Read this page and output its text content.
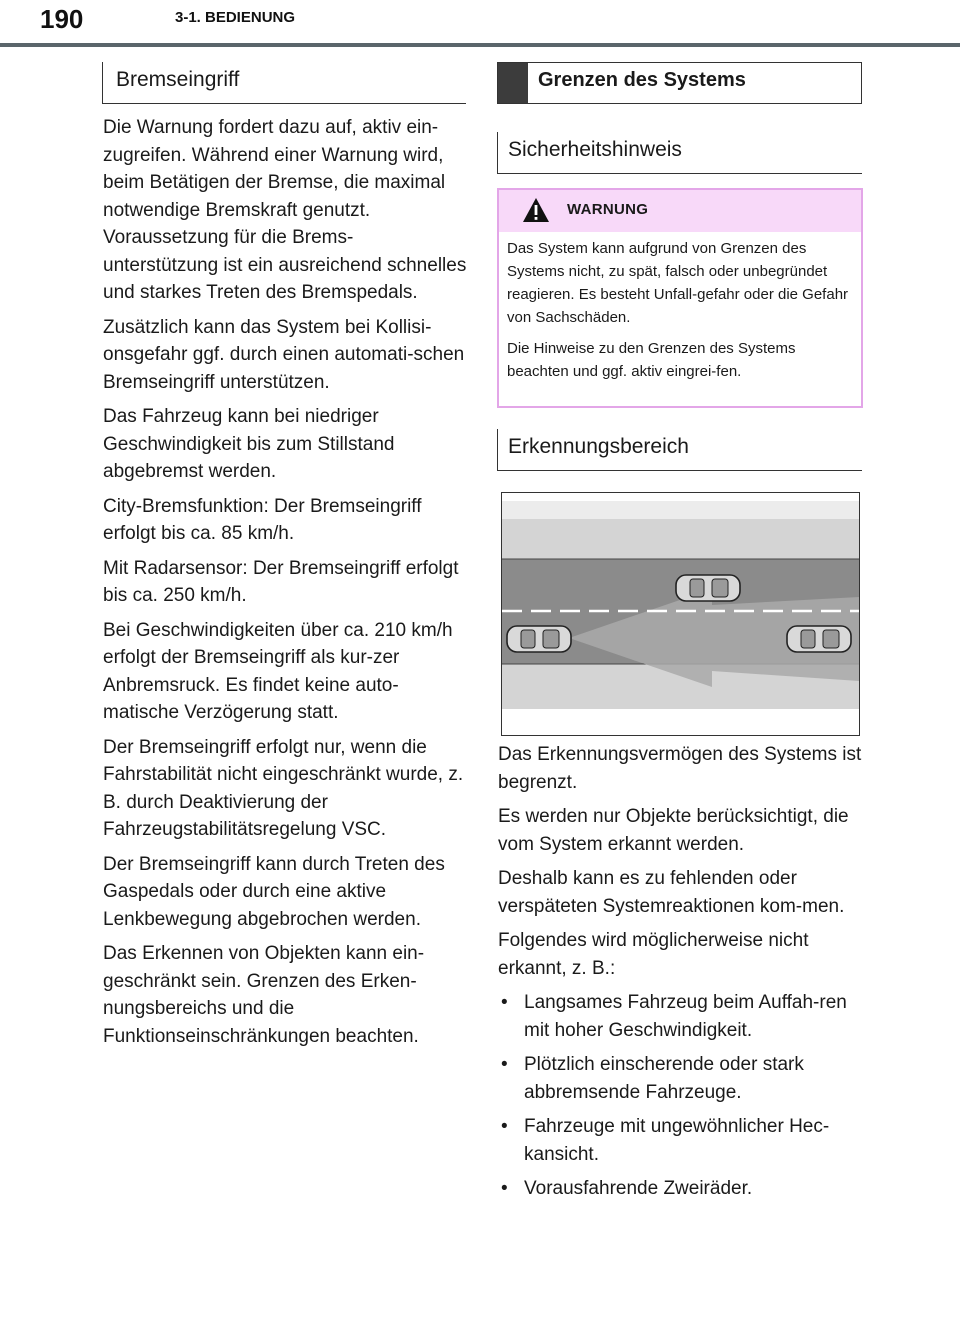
190	3-1. BEDIENUNG
Bremseingriff

Die Warnung fordert dazu auf, aktiv ein-zugreifen. Während einer Warnung wird, beim Betätigen der Bremse, die maximal notwendige Bremskraft genutzt. Voraussetzung für die Brems-unterstützung ist ein ausreichend schnelles und starkes Treten des Bremspedals.

Zusätzlich kann das System bei Kollisi-onsgefahr ggf. durch einen automati-schen Bremseingriff unterstützen.

Das Fahrzeug kann bei niedriger Geschwindigkeit bis zum Stillstand abgebremst werden.

City-Bremsfunktion: Der Bremseingriff erfolgt bis ca. 85 km/h.

Mit Radarsensor: Der Bremseingriff erfolgt bis ca. 250 km/h.

Bei Geschwindigkeiten über ca. 210 km/h erfolgt der Bremseingriff als kur-zer Anbremsruck. Es findet keine auto-matische Verzögerung statt.

Der Bremseingriff erfolgt nur, wenn die Fahrstabilität nicht eingeschränkt wurde, z. B. durch Deaktivierung der Fahrzeugstabilitätsregelung VSC.

Der Bremseingriff kann durch Treten des Gaspedals oder durch eine aktive Lenkbewegung abgebrochen werden.

Das Erkennen von Objekten kann ein-geschränkt sein. Grenzen des Erken-nungsbereichs und die Funktionseinschränkungen beachten.

Grenzen des Systems
Sicherheitshinweis
WARNUNG

Das System kann aufgrund von Grenzen des Systems nicht, zu spät, falsch oder unbegründet reagieren. Es besteht Unfall-gefahr oder die Gefahr von Sachschäden.

Die Hinweise zu den Grenzen des Systems beachten und ggf. aktiv eingrei-fen.

Erkennungsbereich

Das Erkennungsvermögen des Systems ist begrenzt.

Es werden nur Objekte berücksichtigt, die vom System erkannt werden.

Deshalb kann es zu fehlenden oder verspäteten Systemreaktionen kom-men.

Folgendes wird möglicherweise nicht erkannt, z. B.:

• Langsames Fahrzeug beim Auffah-ren mit hoher Geschwindigkeit.
• Plötzlich einscherende oder stark abbremsende Fahrzeuge.
• Fahrzeuge mit ungewöhnlicher Hec-kansicht.
• Vorausfahrende Zweiräder.
